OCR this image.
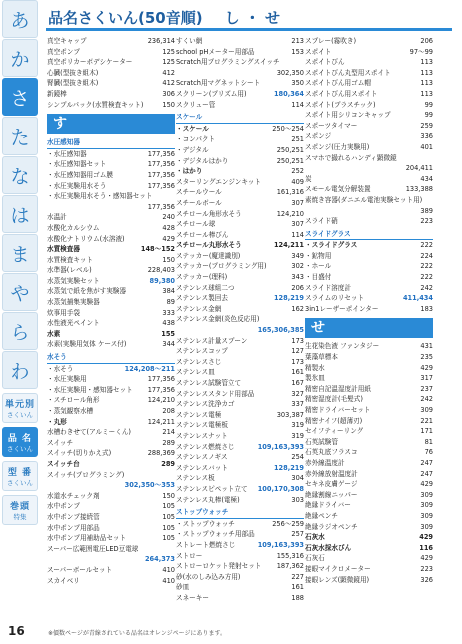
あ
か
さ
た
な
は
ま
や
ら
わ
単元別
さくいん
品 名
さくいん
型 番
さくいん
巻頭
特集
品名さくいん(50音順) し ・ せ
真空キャップ	236,314
真空ポンプ	125
真空ポリカーボデシケーター	125
心臓(型抜き組木)	412
腎臓(型抜き組木)	412
新鏡棒	306
シンプルパック(水質検査キット)	150
す
水圧感知器
・水圧感知器	177,356
・水圧感知器セット	177,356
・水圧感知器用ゴム膜	177,356
・水圧実験用水そう	177,356
・水圧実験用水そう・感知器セット
177,356
水温計	240
水酸化カルシウム	428
水酸化ナトリウム(水溶液)	429
水質検査器	148〜152
水質検査キット	150
水準器(レベル)	228,403
水蒸気実験セット	89,380
水蒸気で紙を焦がす実験器	384
水蒸気捕集実験器	89
炊事用手袋	333
水性液光ペイント	438
水素	155
水素(実験用気体 ケース付)	344
水そう
・水そう	124,208〜211
・水圧実験用	177,356
・水圧実験用・感知器セット	177,356
・スチロール角形	124,210
・蒸気観察水槽	208
・丸形	124,211
水槽わきせて(アルミーくん)	214
スイッチ	289
スイッチ(切りかえ式)	288,369
スイッチ台	289
スイッチ(プログラミング)
302,350〜353
水道水チェック剤	150
水中ポンプ	105
水中ポンプ接続管	105
水中ポンプ用部品	105
水中ポンプ用補助品セット	105
スーパー広範囲電圧LED豆電球
264,373
スーパーボールセット	410
スカイベリ	410
すくい網	213
school pHメーター用部品	153
Scratch用プログラミングスイッチ
302,350
Scratch用マグネットシート	350
スクリーン(プリズム用)	180,364
スクリュー管	114
スケール
・スケール	250〜254
・コンパクト	251
・デジタル	250,251
・デジタルはかり	250,251
・はかり	252
スターリングエンジンキット	409
スチールウール	161,316
スチールボール	307
スチロール角形水そう	124,210
スチロール球	307
スチロール棒びん	114
スチロール丸形水そう	124,211
ステッカー(魔達識別)	349
ステッカー(プログラミング用)	302
ステッカー(理科)	343
ステンレス球組二つ	206
ステンレス製回去	128,219
ステンレス金網	162
ステンレス金網(炎色反応用)
165,306,385
ステンレス計量スプーン	173
ステンレスコップ	127
ステンレスさじ	173
ステンレス皿	161
ステンレス試験管立て	167
ステンレススタンド用部品	327
ステンレス洗浄カゴ	337
ステンレス電極	303,387
ステンレス電極板	319
ステンレスナット	319
ステンレス燃焼さじ	109,163,393
ステンレスノギス	254
ステンレスバット	128,219
ステンレス板	304
ステンレスピペット立て	100,170,308
ステンレス丸棒(電極)	303
ストップウォッチ
・ストップウォッチ	256〜259
・ストップウォッチ用部品	257
ストレート燃焼さじ	109,163,393
ストロー	155,316
ストローロケット発射セット	187,362
砂(水のしみ込み方用)	227
砂皿	161
スネーキー	188
スプレー(霧吹き)	206
スポイト	97〜99
スポイトびん	113
スポイトびん丸型用スポイト	113
スポイトびん用ゴム帽	113
スポイトびん用スポイト	113
スポイト(プラスチック)	99
スポイト用シリコンキャップ	99
スポーツタイマー	259
スポンジ	336
スポンジ(圧力実験用)	401
スマホで撮れるハンディ顕微鏡
204,411
炭	434
スモール電気分解装置	133,388
素焼き容器(ダニエル電池実験セット用)
389
スライド硝	223
スライドグラス
・スライドグラス	222
・鉱物用	224
・ホール	222
・目盛付	222
スライド溶度計	242
スライムのリセット	411,434
3in1レーザーポインター	183
せ
生花染色液 ファンタジー	431
葉藻草標本	235
精製水	429
製氷皿	317
精密自記温湿度計用紙	237
精密湿度計(毛髪式)	242
精密ドライバーセット	309
精密ナイフ(超薄刃)	221
セイフティーリング	171
石英試験管	81
石英丸底フラスコ	76
赤外線温度計	247
赤外線放射温度計	247
セキネ皮膚ゲージ	429
絶縁割線ニッパー	309
絶縁ドライバー	309
絶縁ペンチ	309
絶縁ラジオペンチ	309
石灰水	429
石灰水採水びん	116
石灰石	429
接眼マイクロメーター	223
接眼レンズ(顕微鏡用)	326
16	※價数ページが青線されている品名はオレンジページにあります。
